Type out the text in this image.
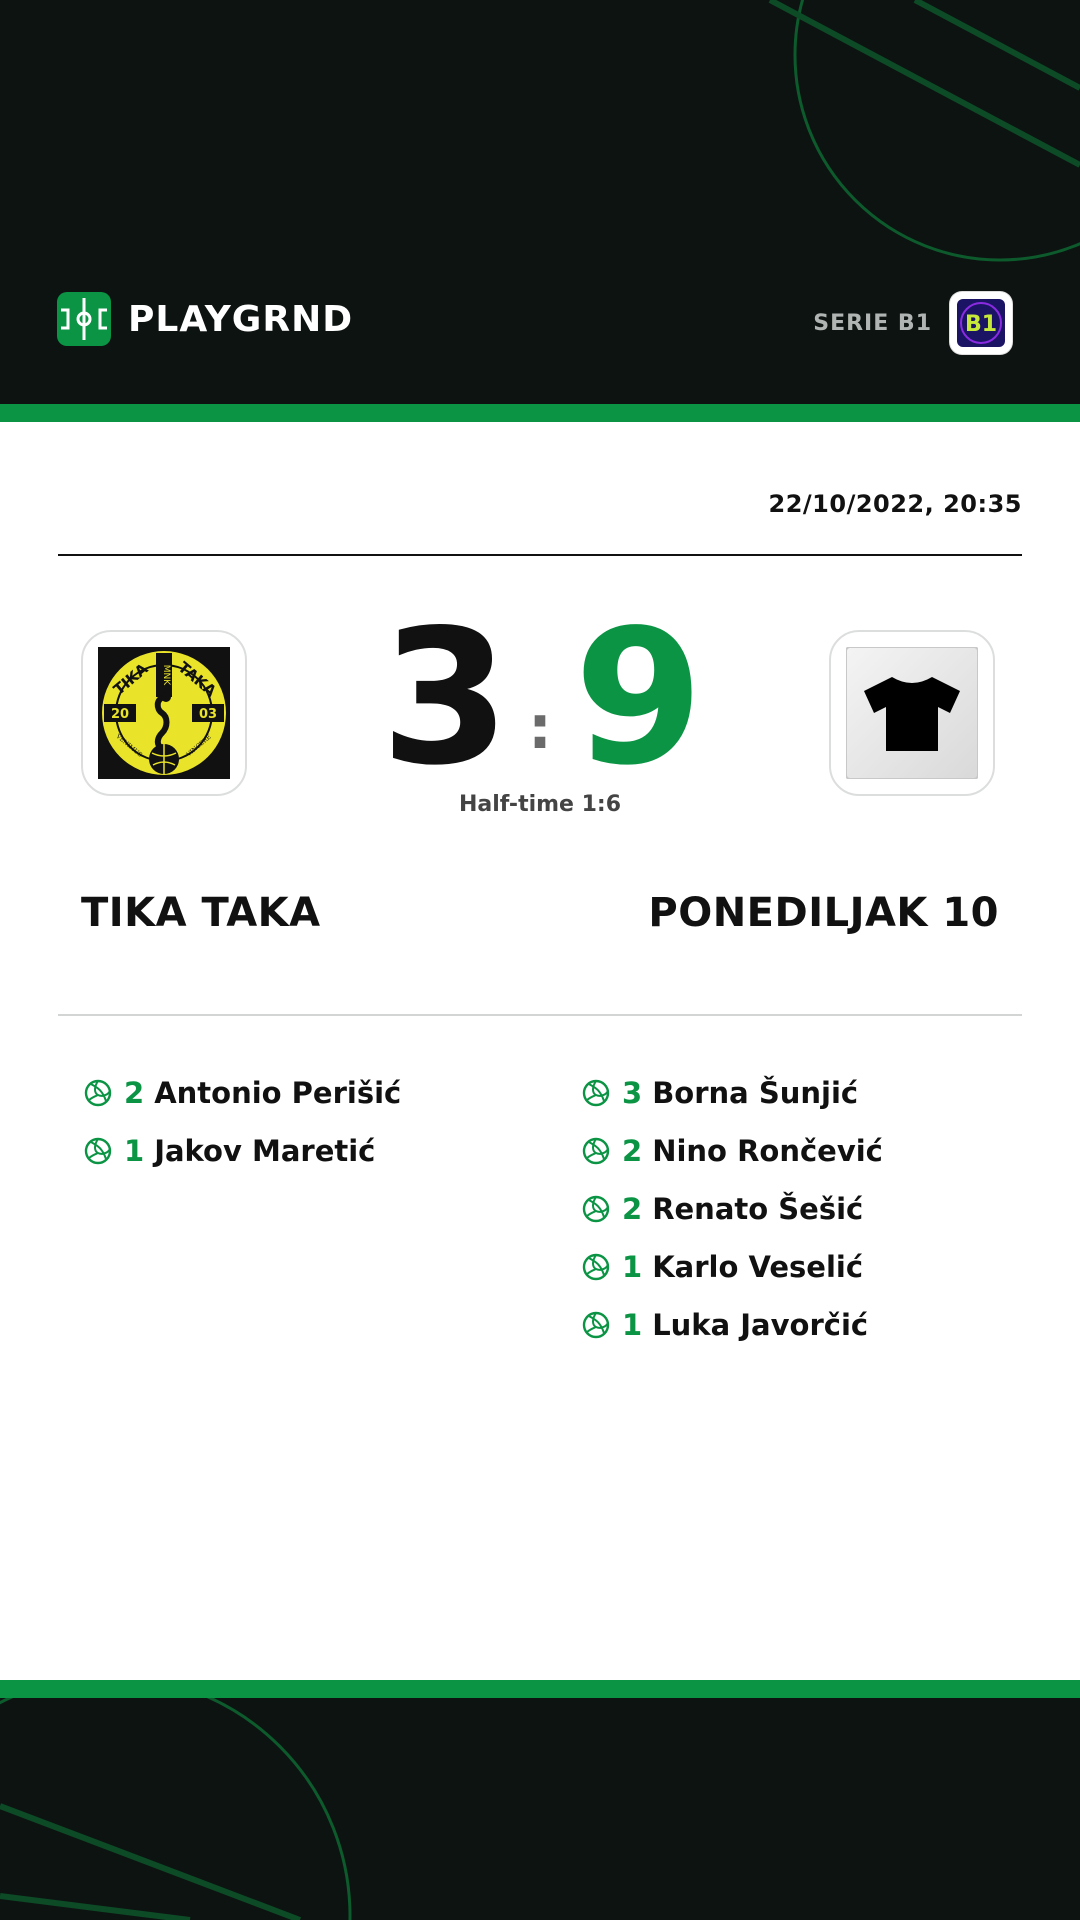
PLAYGRND	SERIE B1 B1
22/10/2022, 20:35
MNK
TIKA TAKA
20	03
VENIMUS	VINCERE 3 : 9
Half-time 1:6
TIKA TAKA	PONEDILJAK 10
2 Antonio Perišić
1 Jakov Maretić
3 Borna Šunjić
2 Nino Rončević
2 Renato Šešić
1 Karlo Veselić
1 Luka Javorčić
